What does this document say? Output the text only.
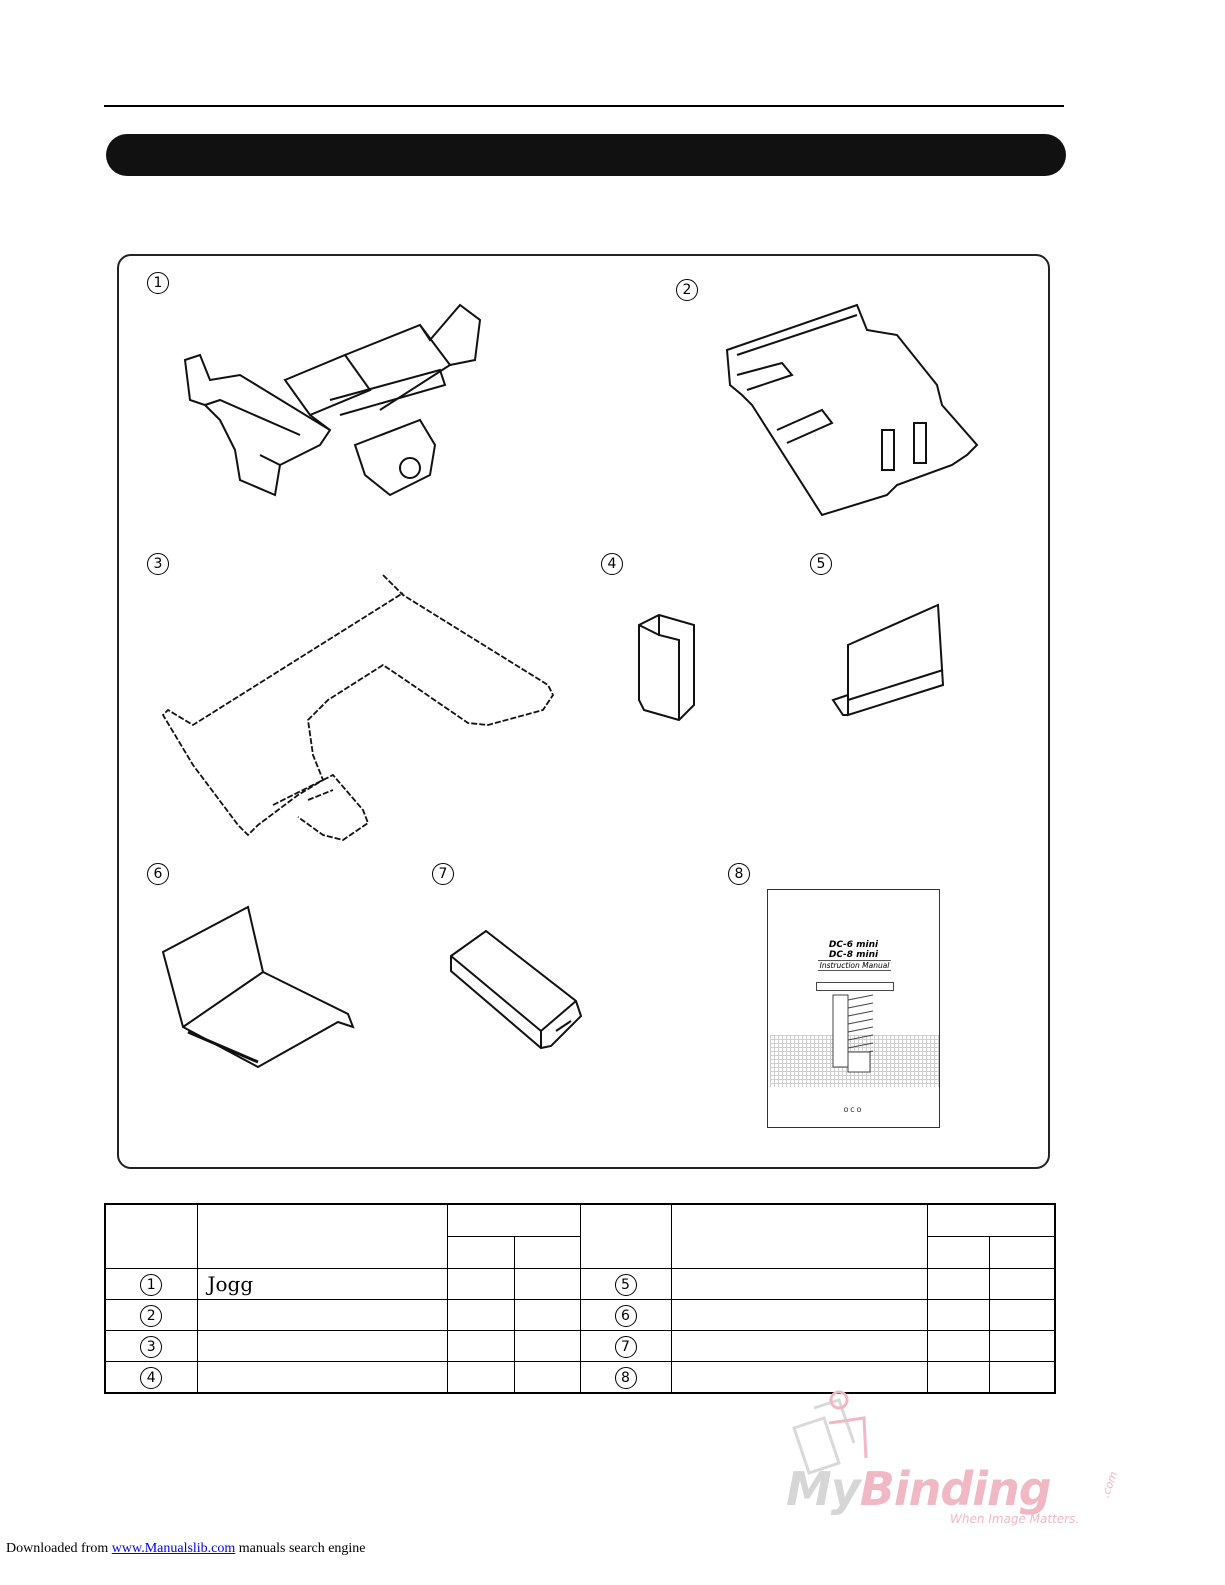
1	2
3	4	5
6	7	8
DC-6 mini
DC-8 mini
Instruction Manual
OCO

1	Jogg			5			
2				6			
3				7			
4				8			
MyBinding	.com
When Image Matters.
Downloaded from www.Manualslib.com manuals search engine
